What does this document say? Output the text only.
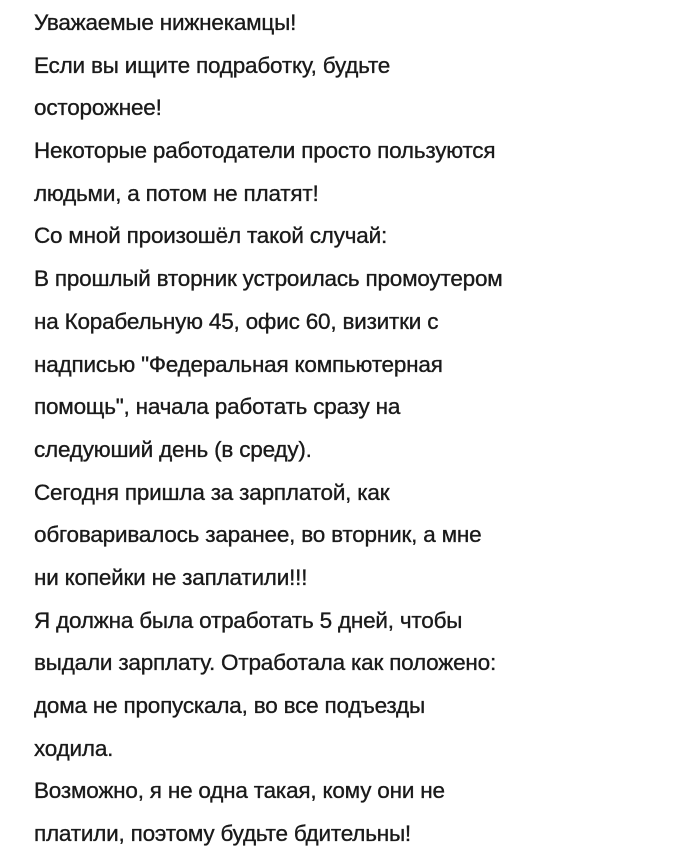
Уважаемые нижнекамцы!
Если вы ищите подработку, будьте
осторожнее!
Некоторые работодатели просто пользуются
людьми, а потом не платят!
Со мной произошёл такой случай:
В прошлый вторник устроилась промоутером
на Корабельную 45, офис 60, визитки с
надписью "Федеральная компьютерная
помощь", начала работать сразу на
следуюший день (в среду).
Сегодня пришла за зарплатой, как
обговаривалось заранее, во вторник, а мне
ни копейки не заплатили!!!
Я должна была отработать 5 дней, чтобы
выдали зарплату. Отработала как положено:
дома не пропускала, во все подъезды
ходила.
Возможно, я не одна такая, кому они не
платили, поэтому будьте бдительны!
